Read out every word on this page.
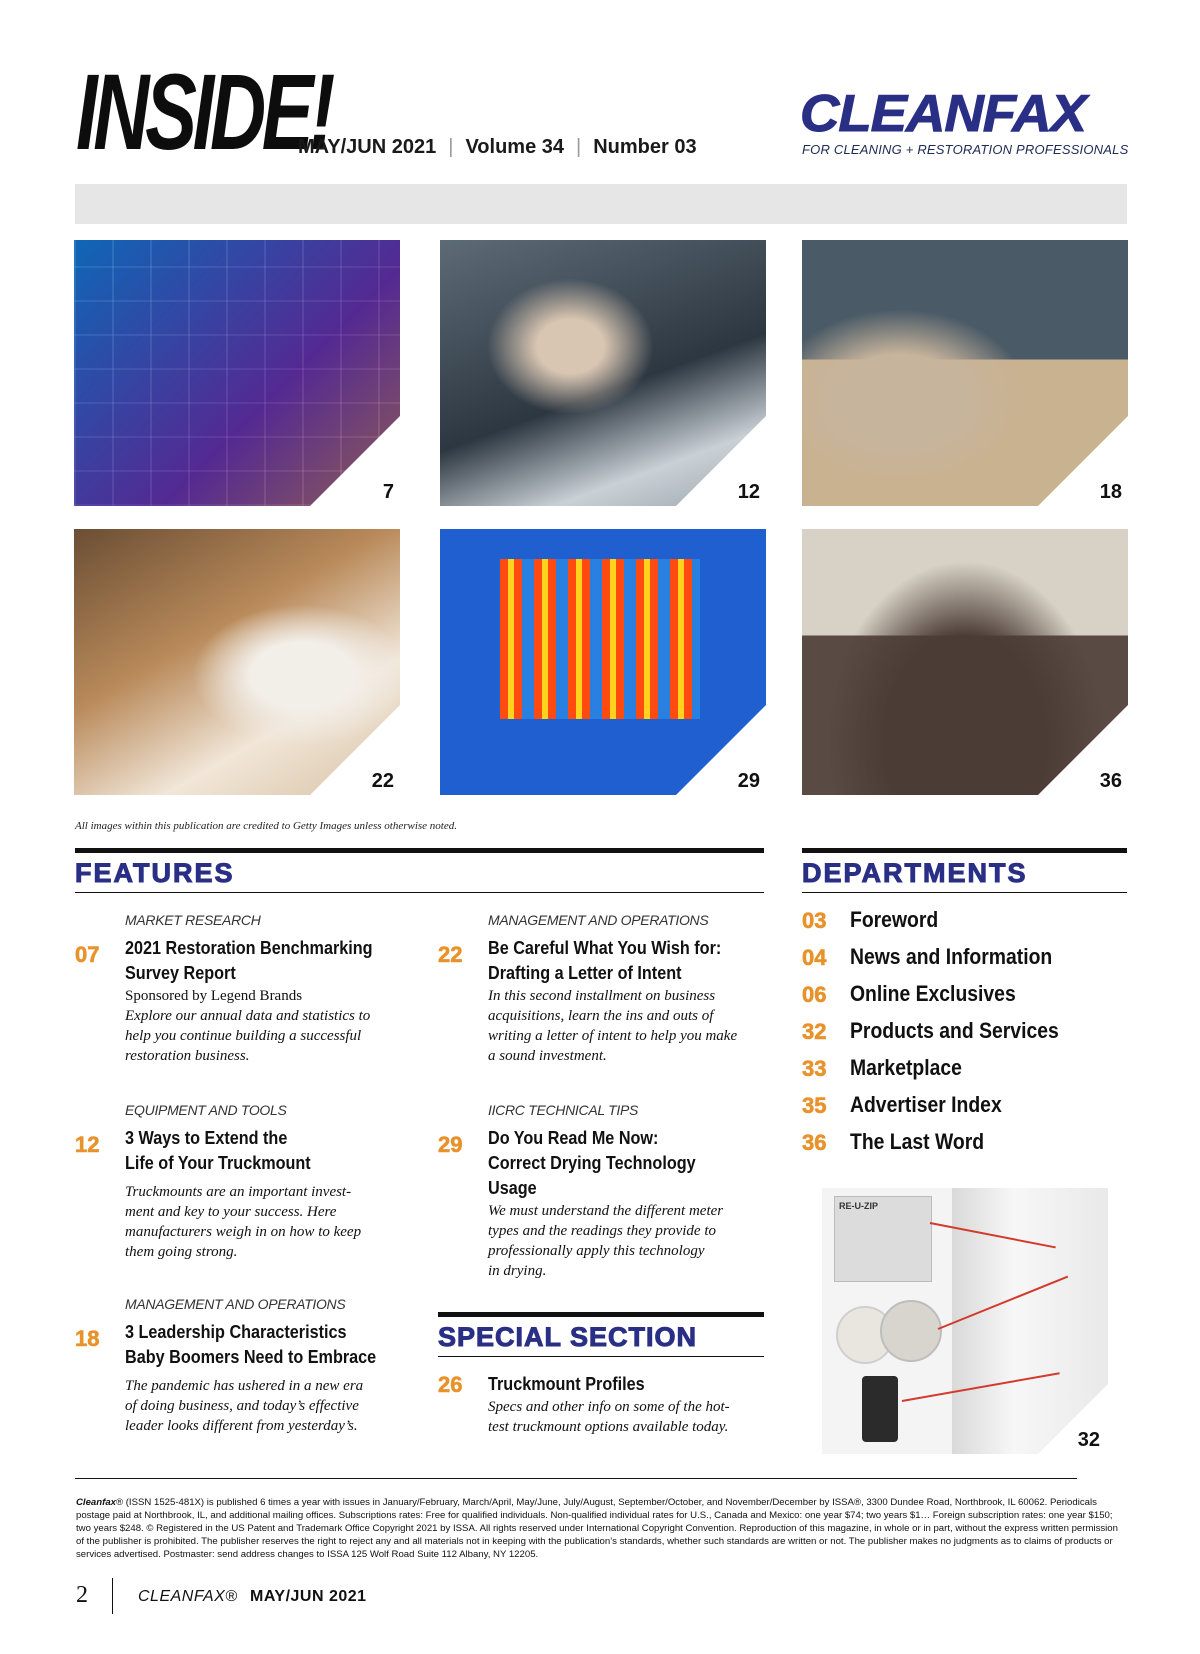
INSIDE!
MAY/JUN 2021 | Volume 34 | Number 03
CLEANFAX
FOR CLEANING + RESTORATION PROFESSIONALS
7	12	18
22	29	36
All images within this publication are credited to Getty Images unless otherwise noted.
FEATURES
MARKET RESEARCH
07 2021 Restoration Benchmarking
Survey Report
Sponsored by Legend Brands
Explore our annual data and statistics to
help you continue building a successful
restoration business.
EQUIPMENT AND TOOLS
12 3 Ways to Extend the
Life of Your Truckmount
Truckmounts are an important invest-
ment and key to your success. Here
manufacturers weigh in on how to keep
them going strong.
MANAGEMENT AND OPERATIONS
18 3 Leadership Characteristics
Baby Boomers Need to Embrace
The pandemic has ushered in a new era
of doing business, and today’s effective
leader looks different from yesterday’s.
MANAGEMENT AND OPERATIONS
22 Be Careful What You Wish for:
Drafting a Letter of Intent
In this second installment on business
acquisitions, learn the ins and outs of
writing a letter of intent to help you make
a sound investment.
IICRC TECHNICAL TIPS
29 Do You Read Me Now:
Correct Drying Technology Usage
We must understand the different meter
types and the readings they provide to
professionally apply this technology
in drying.
SPECIAL SECTION
26 Truckmount Profiles
Specs and other info on some of the hot-
test truckmount options available today.
DEPARTMENTS
03 Foreword
04 News and Information
06 Online Exclusives
32 Products and Services
33 Marketplace
35 Advertiser Index
36 The Last Word
RE-U-ZIP
32
Cleanfax® (ISSN 1525-481X) is published 6 times a year with issues in January/February, March/April, May/June, July/August, September/October, and November/December by ISSA®, 3300 Dundee Road, Northbrook, IL 60062. Periodicals postage paid at Northbrook, IL, and additional mailing offices. Subscriptions rates: Free for qualified individuals. Non-qualified individual rates for U.S., Canada and Mexico: one year $74; two years $1… Foreign subscription rates: one year $150; two years $248. © Registered in the US Patent and Trademark Office Copyright 2021 by ISSA. All rights reserved under International Copyright Convention. Reproduction of this magazine, in whole or in part, without the express written permission of the publisher is prohibited. The publisher reserves the right to reject any and all materials not in keeping with the publication’s standards, whether such standards are written or not. The publisher makes no judgments as to claims of products or services advertised. Postmaster: send address changes to ISSA 125 Wolf Road Suite 112 Albany, NY 12205.
2	CLEANFAX® MAY/JUN 2021
